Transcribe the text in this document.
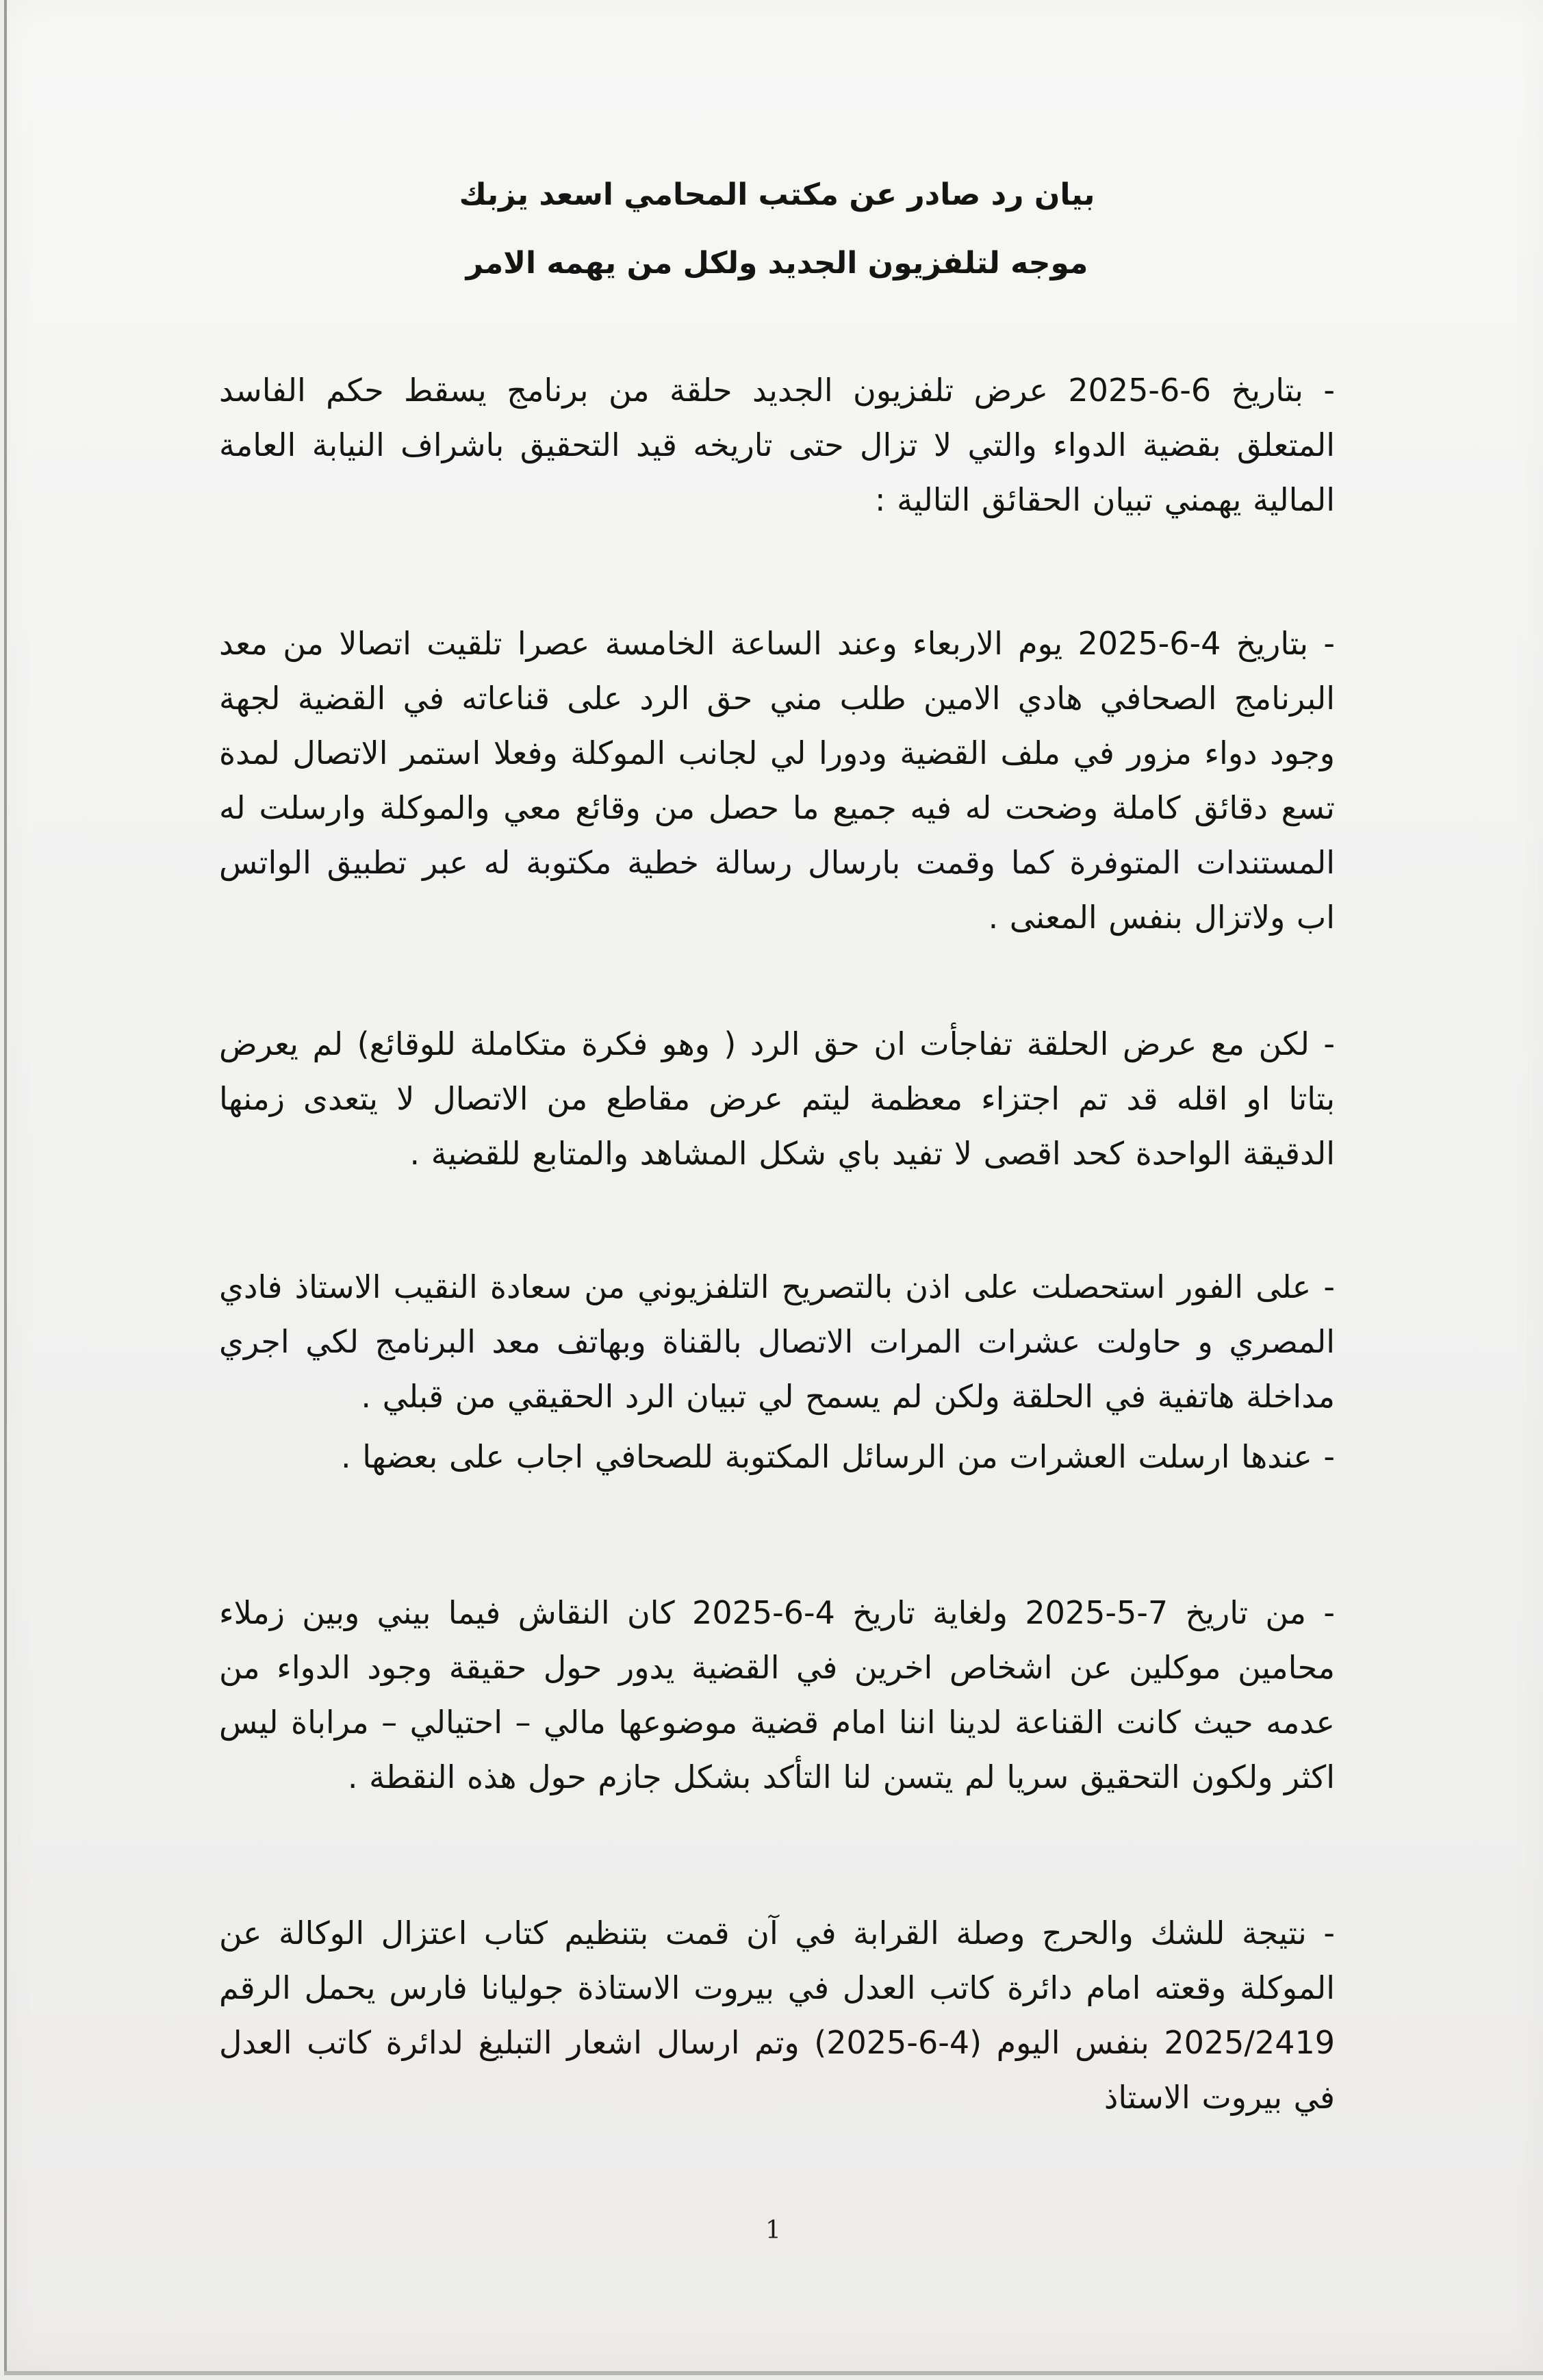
بيان رد صادر عن مكتب المحامي اسعد يزبك

موجه لتلفزيون الجديد ولكل من يهمه الامر

- بتاريخ 6-6-2025 عرض تلفزيون الجديد حلقة من برنامج يسقط حكم الفاسد المتعلق بقضية الدواء والتي لا تزال حتى تاريخه قيد التحقيق باشراف النيابة العامة المالية يهمني تبيان الحقائق التالية :

- بتاريخ 4-6-2025 يوم الاربعاء وعند الساعة الخامسة عصرا تلقيت اتصالا من معد البرنامج الصحافي هادي الامين طلب مني حق الرد على قناعاته في القضية لجهة وجود دواء مزور في ملف القضية ودورا لي لجانب الموكلة وفعلا استمر الاتصال لمدة تسع دقائق كاملة وضحت له فيه جميع ما حصل من وقائع معي والموكلة وارسلت له المستندات المتوفرة كما وقمت بارسال رسالة خطية مكتوبة له عبر تطبيق الواتس اب ولاتزال بنفس المعنى .

- لكن مع عرض الحلقة تفاجأت ان حق الرد ( وهو فكرة متكاملة للوقائع) لم يعرض بتاتا او اقله قد تم اجتزاء معظمة ليتم عرض مقاطع من الاتصال لا يتعدى زمنها الدقيقة الواحدة كحد اقصى لا تفيد باي شكل المشاهد والمتابع للقضية .

- على الفور استحصلت على اذن بالتصريح التلفزيوني من سعادة النقيب الاستاذ فادي المصري و حاولت عشرات المرات الاتصال بالقناة وبهاتف معد البرنامج لكي اجري مداخلة هاتفية في الحلقة ولكن لم يسمح لي تبيان الرد الحقيقي من قبلي .

- عندها ارسلت العشرات من الرسائل المكتوبة للصحافي اجاب على بعضها .

- من تاريخ 7-5-2025 ولغاية تاريخ 4-6-2025 كان النقاش فيما بيني وبين زملاء محامين موكلين عن اشخاص اخرين في القضية يدور حول حقيقة وجود الدواء من عدمه حيث كانت القناعة لدينا اننا امام قضية موضوعها مالي – احتيالي – مراباة ليس اكثر ولكون التحقيق سريا لم يتسن لنا التأكد بشكل جازم حول هذه النقطة .

- نتيجة للشك والحرج وصلة القرابة في آن قمت بتنظيم كتاب اعتزال الوكالة عن الموكلة وقعته امام دائرة كاتب العدل في بيروت الاستاذة جوليانا فارس يحمل الرقم 2025/2419 بنفس اليوم (4-6-2025) وتم ارسال اشعار التبليغ لدائرة كاتب العدل في بيروت الاستاذ

1
